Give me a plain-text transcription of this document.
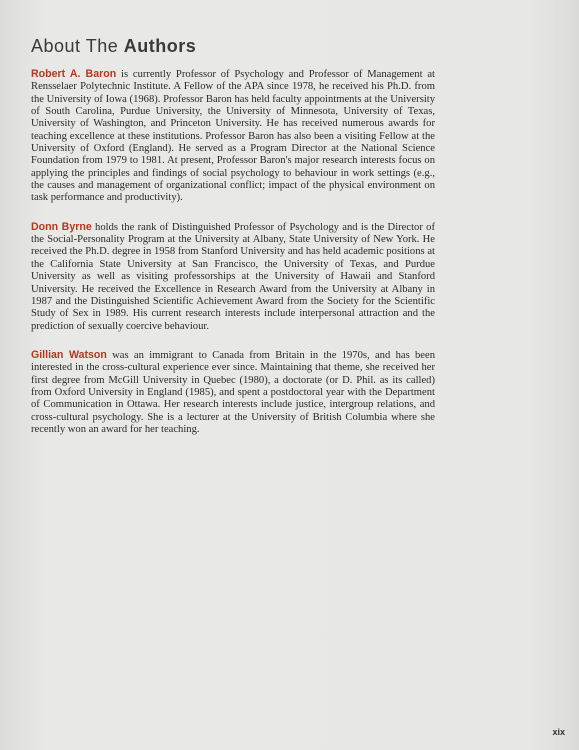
About The Authors

Robert A. Baron is currently Professor of Psychology and Professor of Management at Rensselaer Polytechnic Institute. A Fellow of the APA since 1978, he received his Ph.D. from the University of Iowa (1968). Professor Baron has held faculty appointments at the University of South Carolina, Purdue University, the University of Minnesota, University of Texas, University of Washington, and Princeton University. He has received numerous awards for teaching excellence at these institutions. Professor Baron has also been a visiting Fellow at the University of Oxford (England). He served as a Program Director at the National Science Foundation from 1979 to 1981. At present, Professor Baron's major research interests focus on applying the principles and findings of social psychology to behaviour in work settings (e.g., the causes and management of organizational conflict; impact of the physical environment on task performance and productivity).

Donn Byrne holds the rank of Distinguished Professor of Psychology and is the Director of the Social-Personality Program at the University at Albany, State University of New York. He received the Ph.D. degree in 1958 from Stanford University and has held academic positions at the California State University at San Francisco, the University of Texas, and Purdue University as well as visiting professorships at the University of Hawaii and Stanford University. He received the Excellence in Research Award from the University at Albany in 1987 and the Distinguished Scientific Achievement Award from the Society for the Scientific Study of Sex in 1989. His current research interests include interpersonal attraction and the prediction of sexually coercive behaviour.

Gillian Watson was an immigrant to Canada from Britain in the 1970s, and has been interested in the cross-cultural experience ever since. Maintaining that theme, she received her first degree from McGill University in Quebec (1980), a doctorate (or D. Phil. as its called) from Oxford University in England (1985), and spent a postdoctoral year with the Department of Communication in Ottawa. Her research interests include justice, intergroup relations, and cross-cultural psychology. She is a lecturer at the University of British Columbia where she recently won an award for her teaching.

xix
